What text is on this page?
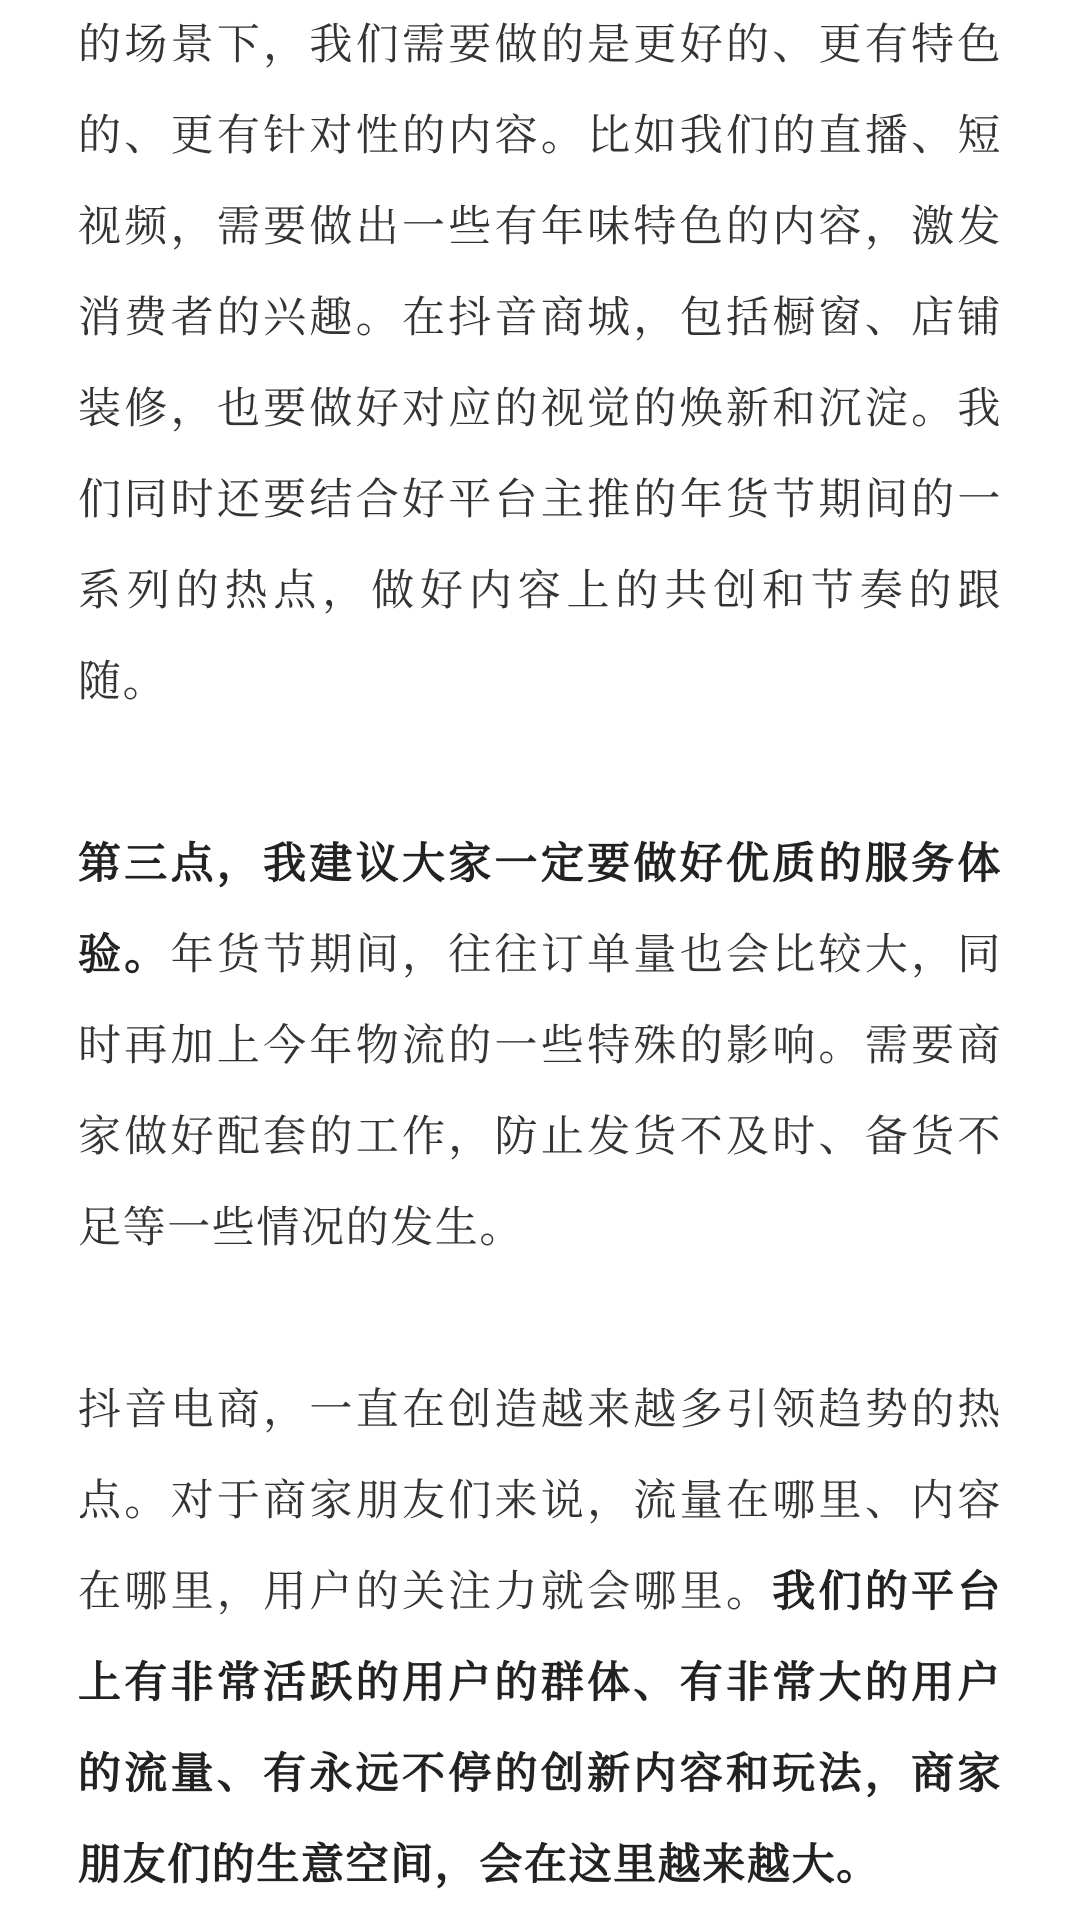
的场景下，我们需要做的是更好的、更有特色的、更有针对性的内容。比如我们的直播、短视频，需要做出一些有年味特色的内容，激发消费者的兴趣。在抖音商城，包括橱窗、店铺装修，也要做好对应的视觉的焕新和沉淀。我们同时还要结合好平台主推的年货节期间的一系列的热点，做好内容上的共创和节奏的跟随。

第三点，我建议大家一定要做好优质的服务体验。年货节期间，往往订单量也会比较大，同时再加上今年物流的一些特殊的影响。需要商家做好配套的工作，防止发货不及时、备货不足等一些情况的发生。

抖音电商，一直在创造越来越多引领趋势的热点。对于商家朋友们来说，流量在哪里、内容在哪里，用户的关注力就会哪里。我们的平台上有非常活跃的用户的群体、有非常大的用户的流量、有永远不停的创新内容和玩法，商家朋友们的生意空间，会在这里越来越大。
